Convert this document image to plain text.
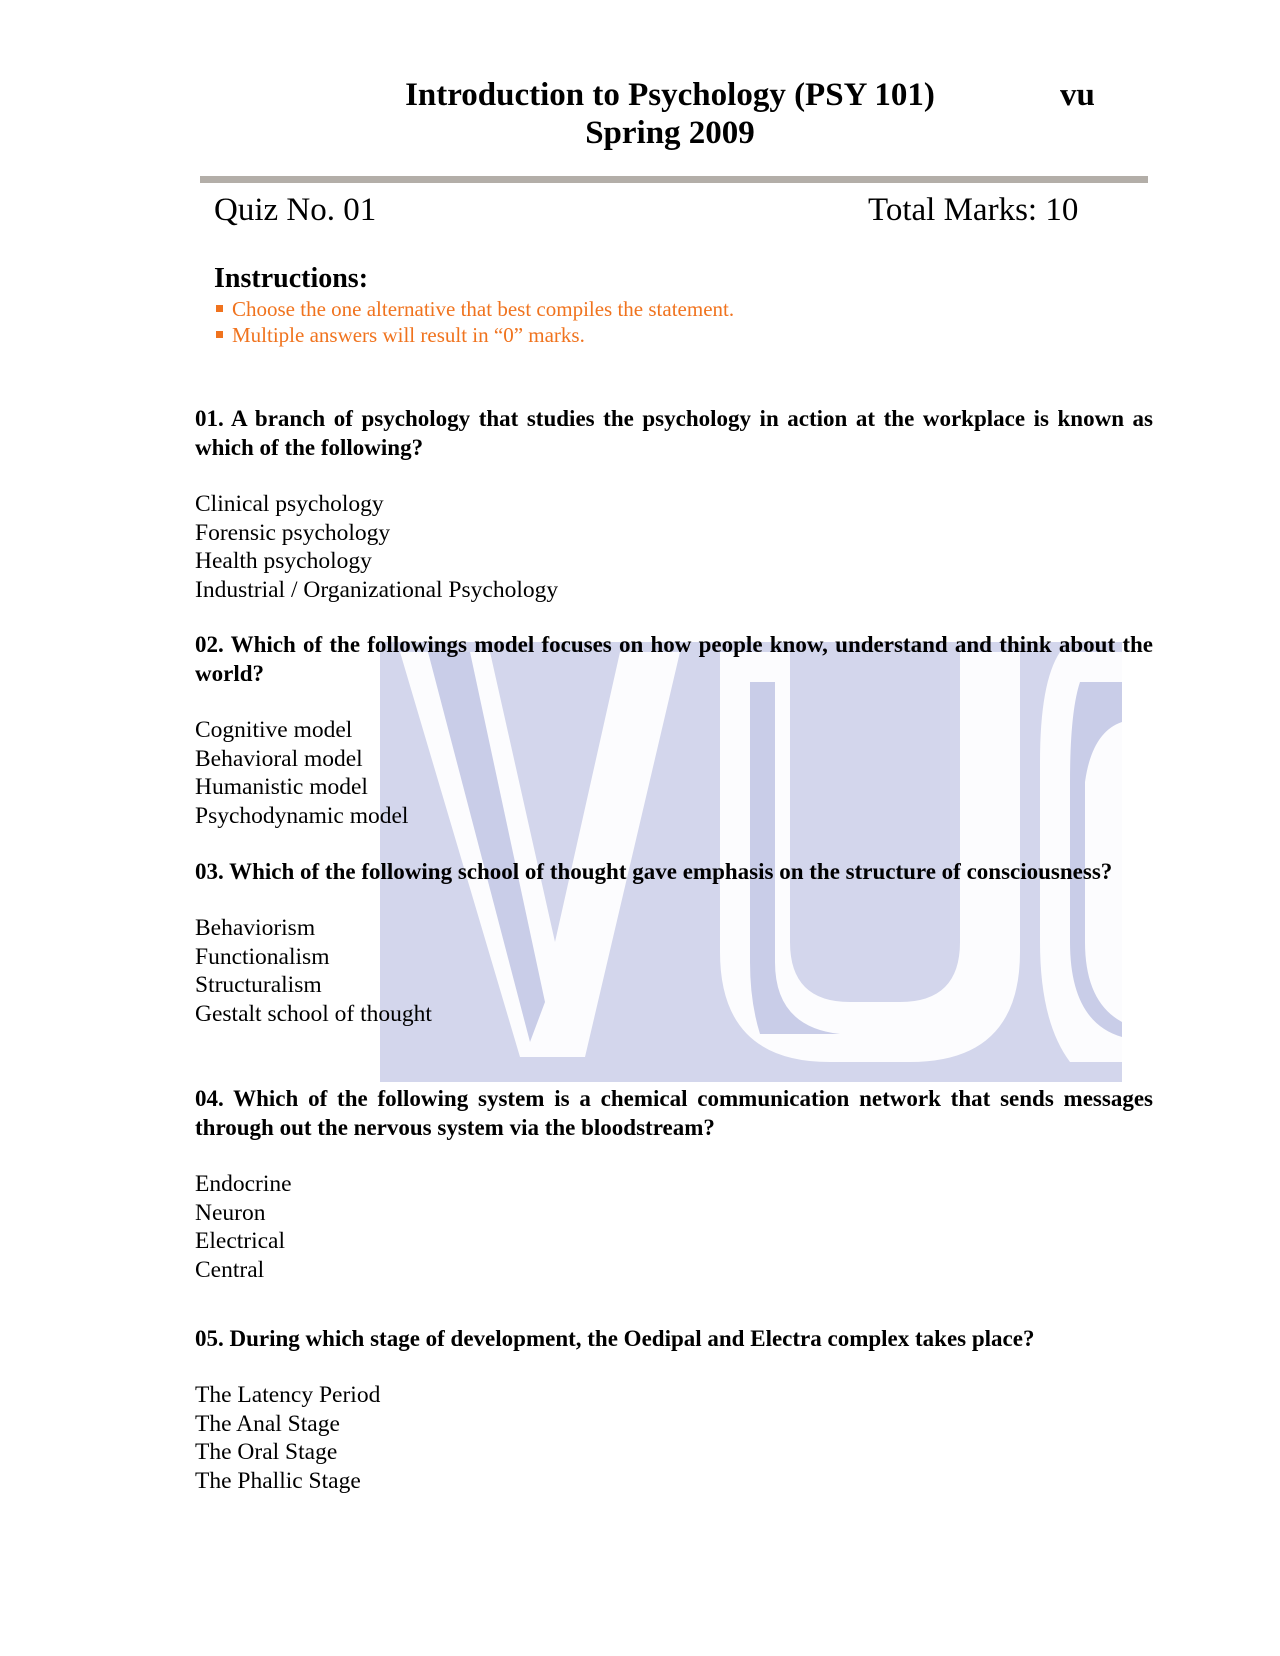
Introduction to Psychology (PSY 101)
Spring 2009
vu
Quiz No. 01	Total Marks: 10
Instructions:
Choose the one alternative that best compiles the statement.
Multiple answers will result in “0” marks.

01. A branch of psychology that studies the psychology in action at the workplace is known as which of the following?

Clinical psychology
Forensic psychology
Health psychology
Industrial / Organizational Psychology

02. Which of the followings model focuses on how people know, understand and think about the world?

Cognitive model
Behavioral model
Humanistic model
Psychodynamic model

03. Which of the following school of thought gave emphasis on the structure of consciousness?

Behaviorism
Functionalism
Structuralism
Gestalt school of thought

04. Which of the following system is a chemical communication network that sends messages through out the nervous system via the bloodstream?

Endocrine
Neuron
Electrical
Central

05. During which stage of development, the Oedipal and Electra complex takes place?

The Latency Period
The Anal Stage
The Oral Stage
The Phallic Stage
